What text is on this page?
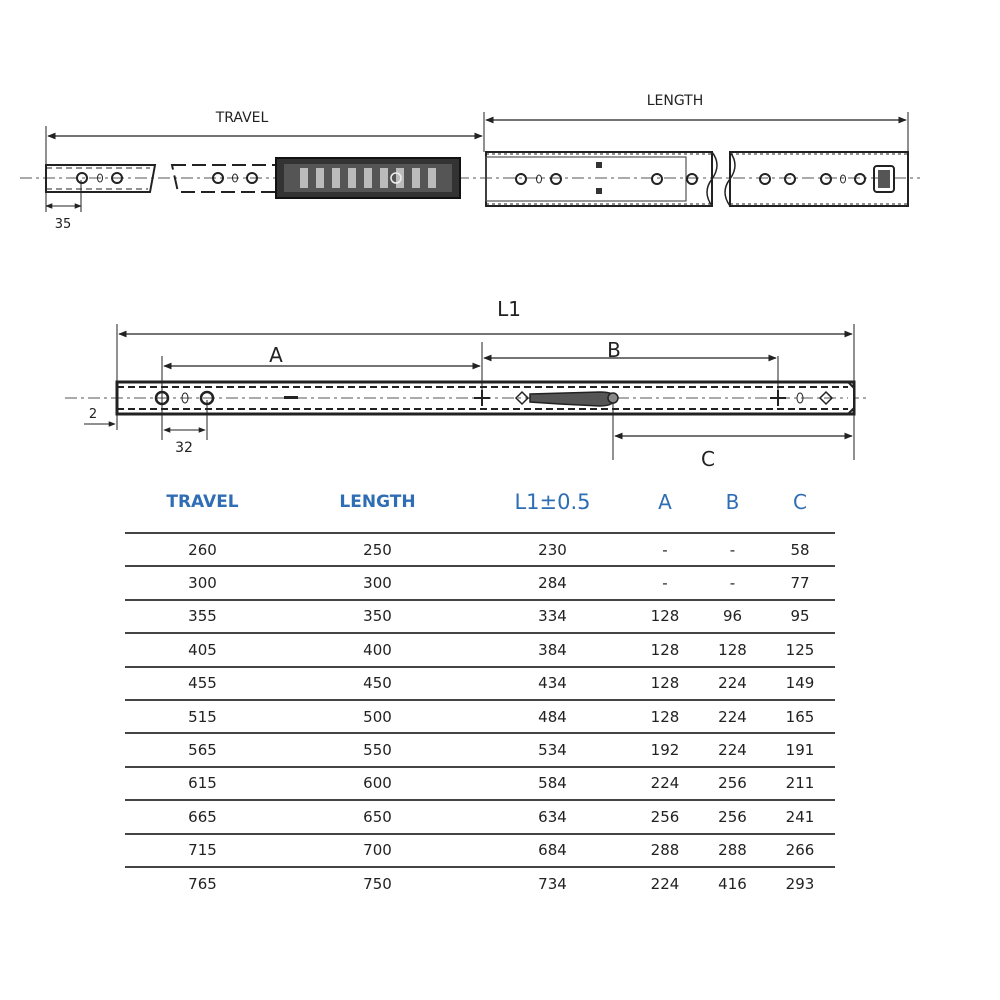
TRAVEL
LENGTH
35
L1
A	B
C
2
32
TRAVEL	LENGTH	L1±0.5	A	B	C
260	250	230	-	-	58
300	300	284	-	-	77
355	350	334	128	96	95
405	400	384	128	128	125
455	450	434	128	224	149
515	500	484	128	224	165
565	550	534	192	224	191
615	600	584	224	256	211
665	650	634	256	256	241
715	700	684	288	288	266
765	750	734	224	416	293
